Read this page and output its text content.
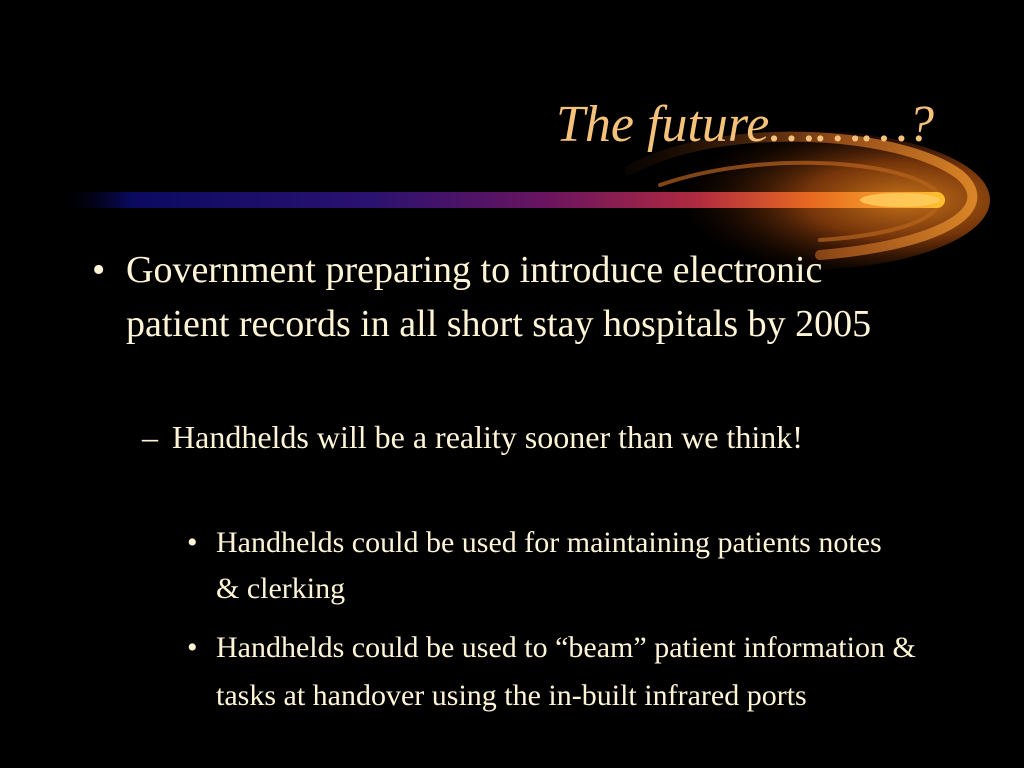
The future………?
• Government preparing to introduce electronic patient records in all short stay hospitals by 2005
– Handhelds will be a reality sooner than we think!
• Handhelds could be used for maintaining patients notes & clerking
• Handhelds could be used to “beam” patient information & tasks at handover using the in-built infrared ports
